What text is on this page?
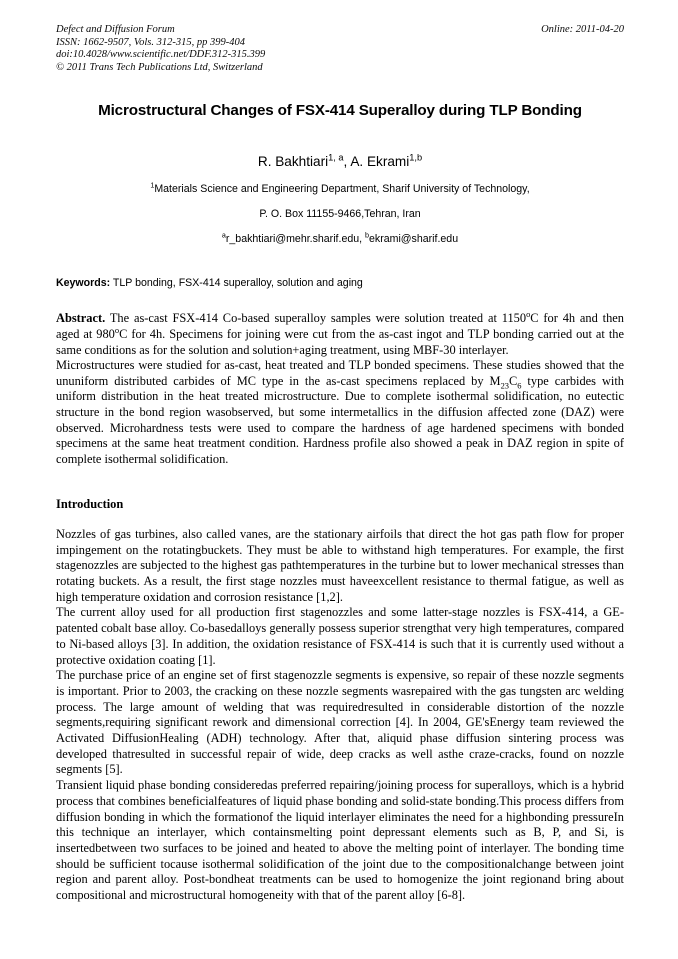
Defect and Diffusion Forum
ISSN: 1662-9507, Vols. 312-315, pp 399-404
doi:10.4028/www.scientific.net/DDF.312-315.399
© 2011 Trans Tech Publications Ltd, Switzerland
Online: 2011-04-20
Microstructural Changes of FSX-414 Superalloy during TLP Bonding
R. Bakhtiari$^{1, a}$, A. Ekrami$^{1,b}$
$^1$Materials Science and Engineering Department, Sharif University of Technology,
P. O. Box 11155-9466,Tehran, Iran
$^a$r_bakhtiari@mehr.sharif.edu, $^b$ekrami@sharif.edu
Keywords: TLP bonding, FSX-414 superalloy, solution and aging

Abstract. The as-cast FSX-414 Co-based superalloy samples were solution treated at 1150$^o$C for 4h and then aged at 980$^o$C for 4h. Specimens for joining were cut from the as-cast ingot and TLP bonding carried out at the same conditions as for the solution and solution+aging treatment, using MBF-30 interlayer.

Microstructures were studied for as-cast, heat treated and TLP bonded specimens. These studies showed that the ununiform distributed carbides of MC type in the as-cast specimens replaced by $M_{23}C_6$ type carbides with uniform distribution in the heat treated microstructure. Due to complete isothermal solidification, no eutectic structure in the bond region wasobserved, but some intermetallics in the diffusion affected zone (DAZ) were observed. Microhardness tests were used to compare the hardness of age hardened specimens with bonded specimens at the same heat treatment condition. Hardness profile also showed a peak in DAZ region in spite of complete isothermal solidification.

Introduction

Nozzles of gas turbines, also called vanes, are the stationary airfoils that direct the hot gas path flow for proper impingement on the rotatingbuckets. They must be able to withstand high temperatures. For example, the first stagenozzles are subjected to the highest gas pathtemperatures in the turbine but to lower mechanical stresses than rotating buckets. As a result, the first stage nozzles must haveexcellent resistance to thermal fatigue, as well as high temperature oxidation and corrosion resistance [1,2].

The current alloy used for all production first stagenozzles and some latter-stage nozzles is FSX-414, a GE-patented cobalt base alloy. Co-basedalloys generally possess superior strengthat very high temperatures, compared to Ni-based alloys [3]. In addition, the oxidation resistance of FSX-414 is such that it is currently used without a protective oxidation coating [1].

The purchase price of an engine set of first stagenozzle segments is expensive, so repair of these nozzle segments is important. Prior to 2003, the cracking on these nozzle segments wasrepaired with the gas tungsten arc welding process. The large amount of welding that was requiredresulted in considerable distortion of the nozzle segments,requiring significant rework and dimensional correction [4]. In 2004, GE'sEnergy team reviewed the Activated DiffusionHealing (ADH) technology. After that, aliquid phase diffusion sintering process was developed thatresulted in successful repair of wide, deep cracks as well asthe craze-cracks, found on nozzle segments [5].

Transient liquid phase bonding consideredas preferred repairing/joining process for superalloys, which is a hybrid process that combines beneficialfeatures of liquid phase bonding and solid-state bonding.This process differs from diffusion bonding in which the formationof the liquid interlayer eliminates the need for a highbonding pressureIn this technique an interlayer, which containsmelting point depressant elements such as B, P, and Si, is insertedbetween two surfaces to be joined and heated to above the melting point of interlayer. The bonding time should be sufficient tocause isothermal solidification of the joint due to the compositionalchange between joint region and parent alloy. Post-bondheat treatments can be used to homogenize the joint regionand bring about compositional and microstructural homogeneity with that of the parent alloy [6-8].
